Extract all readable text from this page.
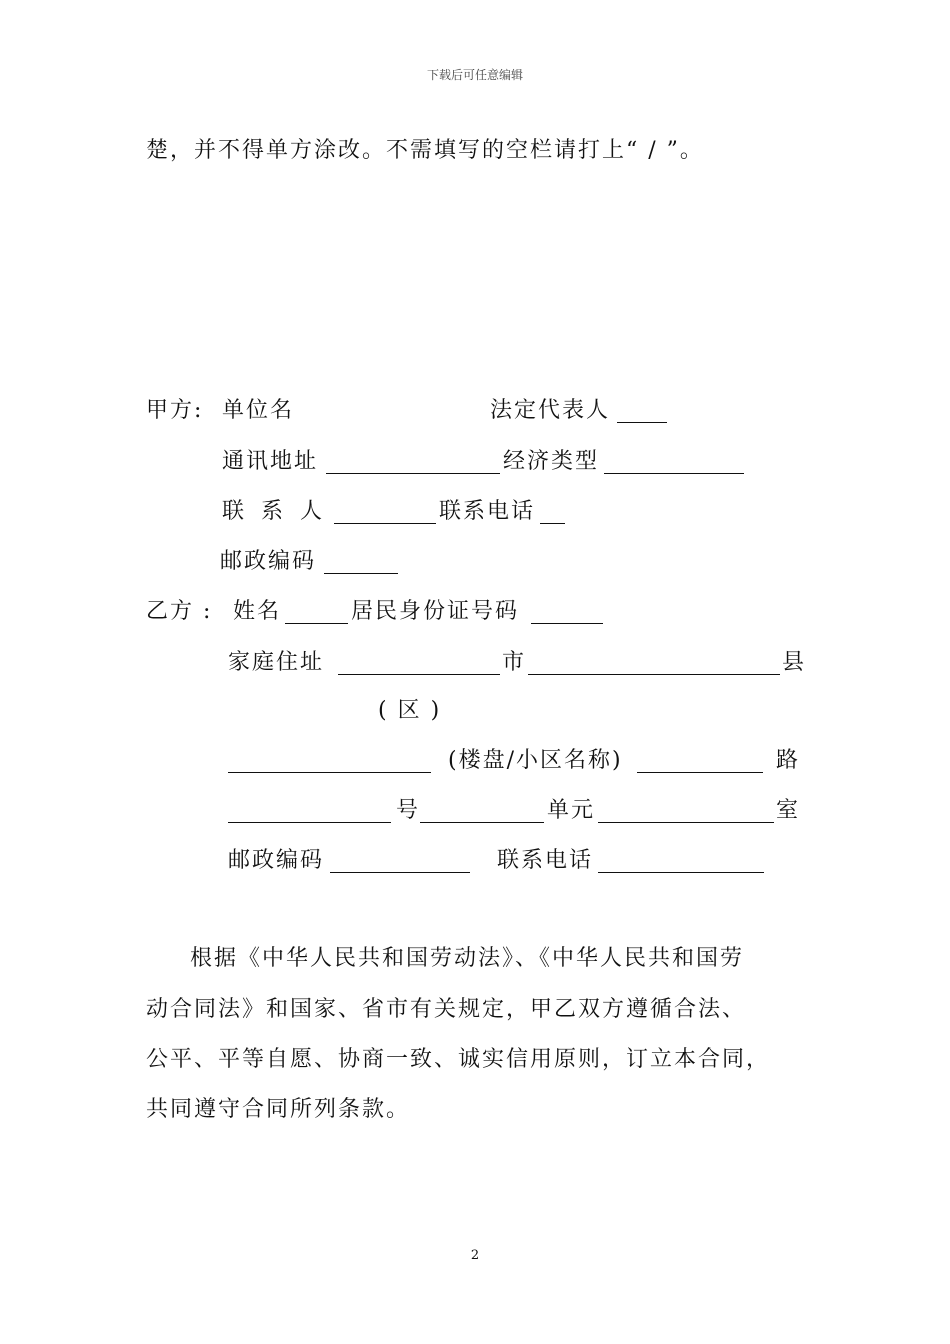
下载后可任意编辑
楚，并不得单方涂改。不需填写的空栏请打上“ / ”。
甲方: 单位名	法定代表人
通讯地址	经济类型
联 系 人	联系电话
邮政编码
乙方 : 姓名	居民身份证号码
家庭住址	市	县
( 区 )
(楼盘/小区名称)	路
号	单元	室
邮政编码	联系电话
根据《中华人民共和国劳动法》、《中华人民共和国劳
动合同法》和国家、省市有关规定，甲乙双方遵循合法、
公平、平等自愿、协商一致、诚实信用原则，订立本合同，
共同遵守合同所列条款。
2
